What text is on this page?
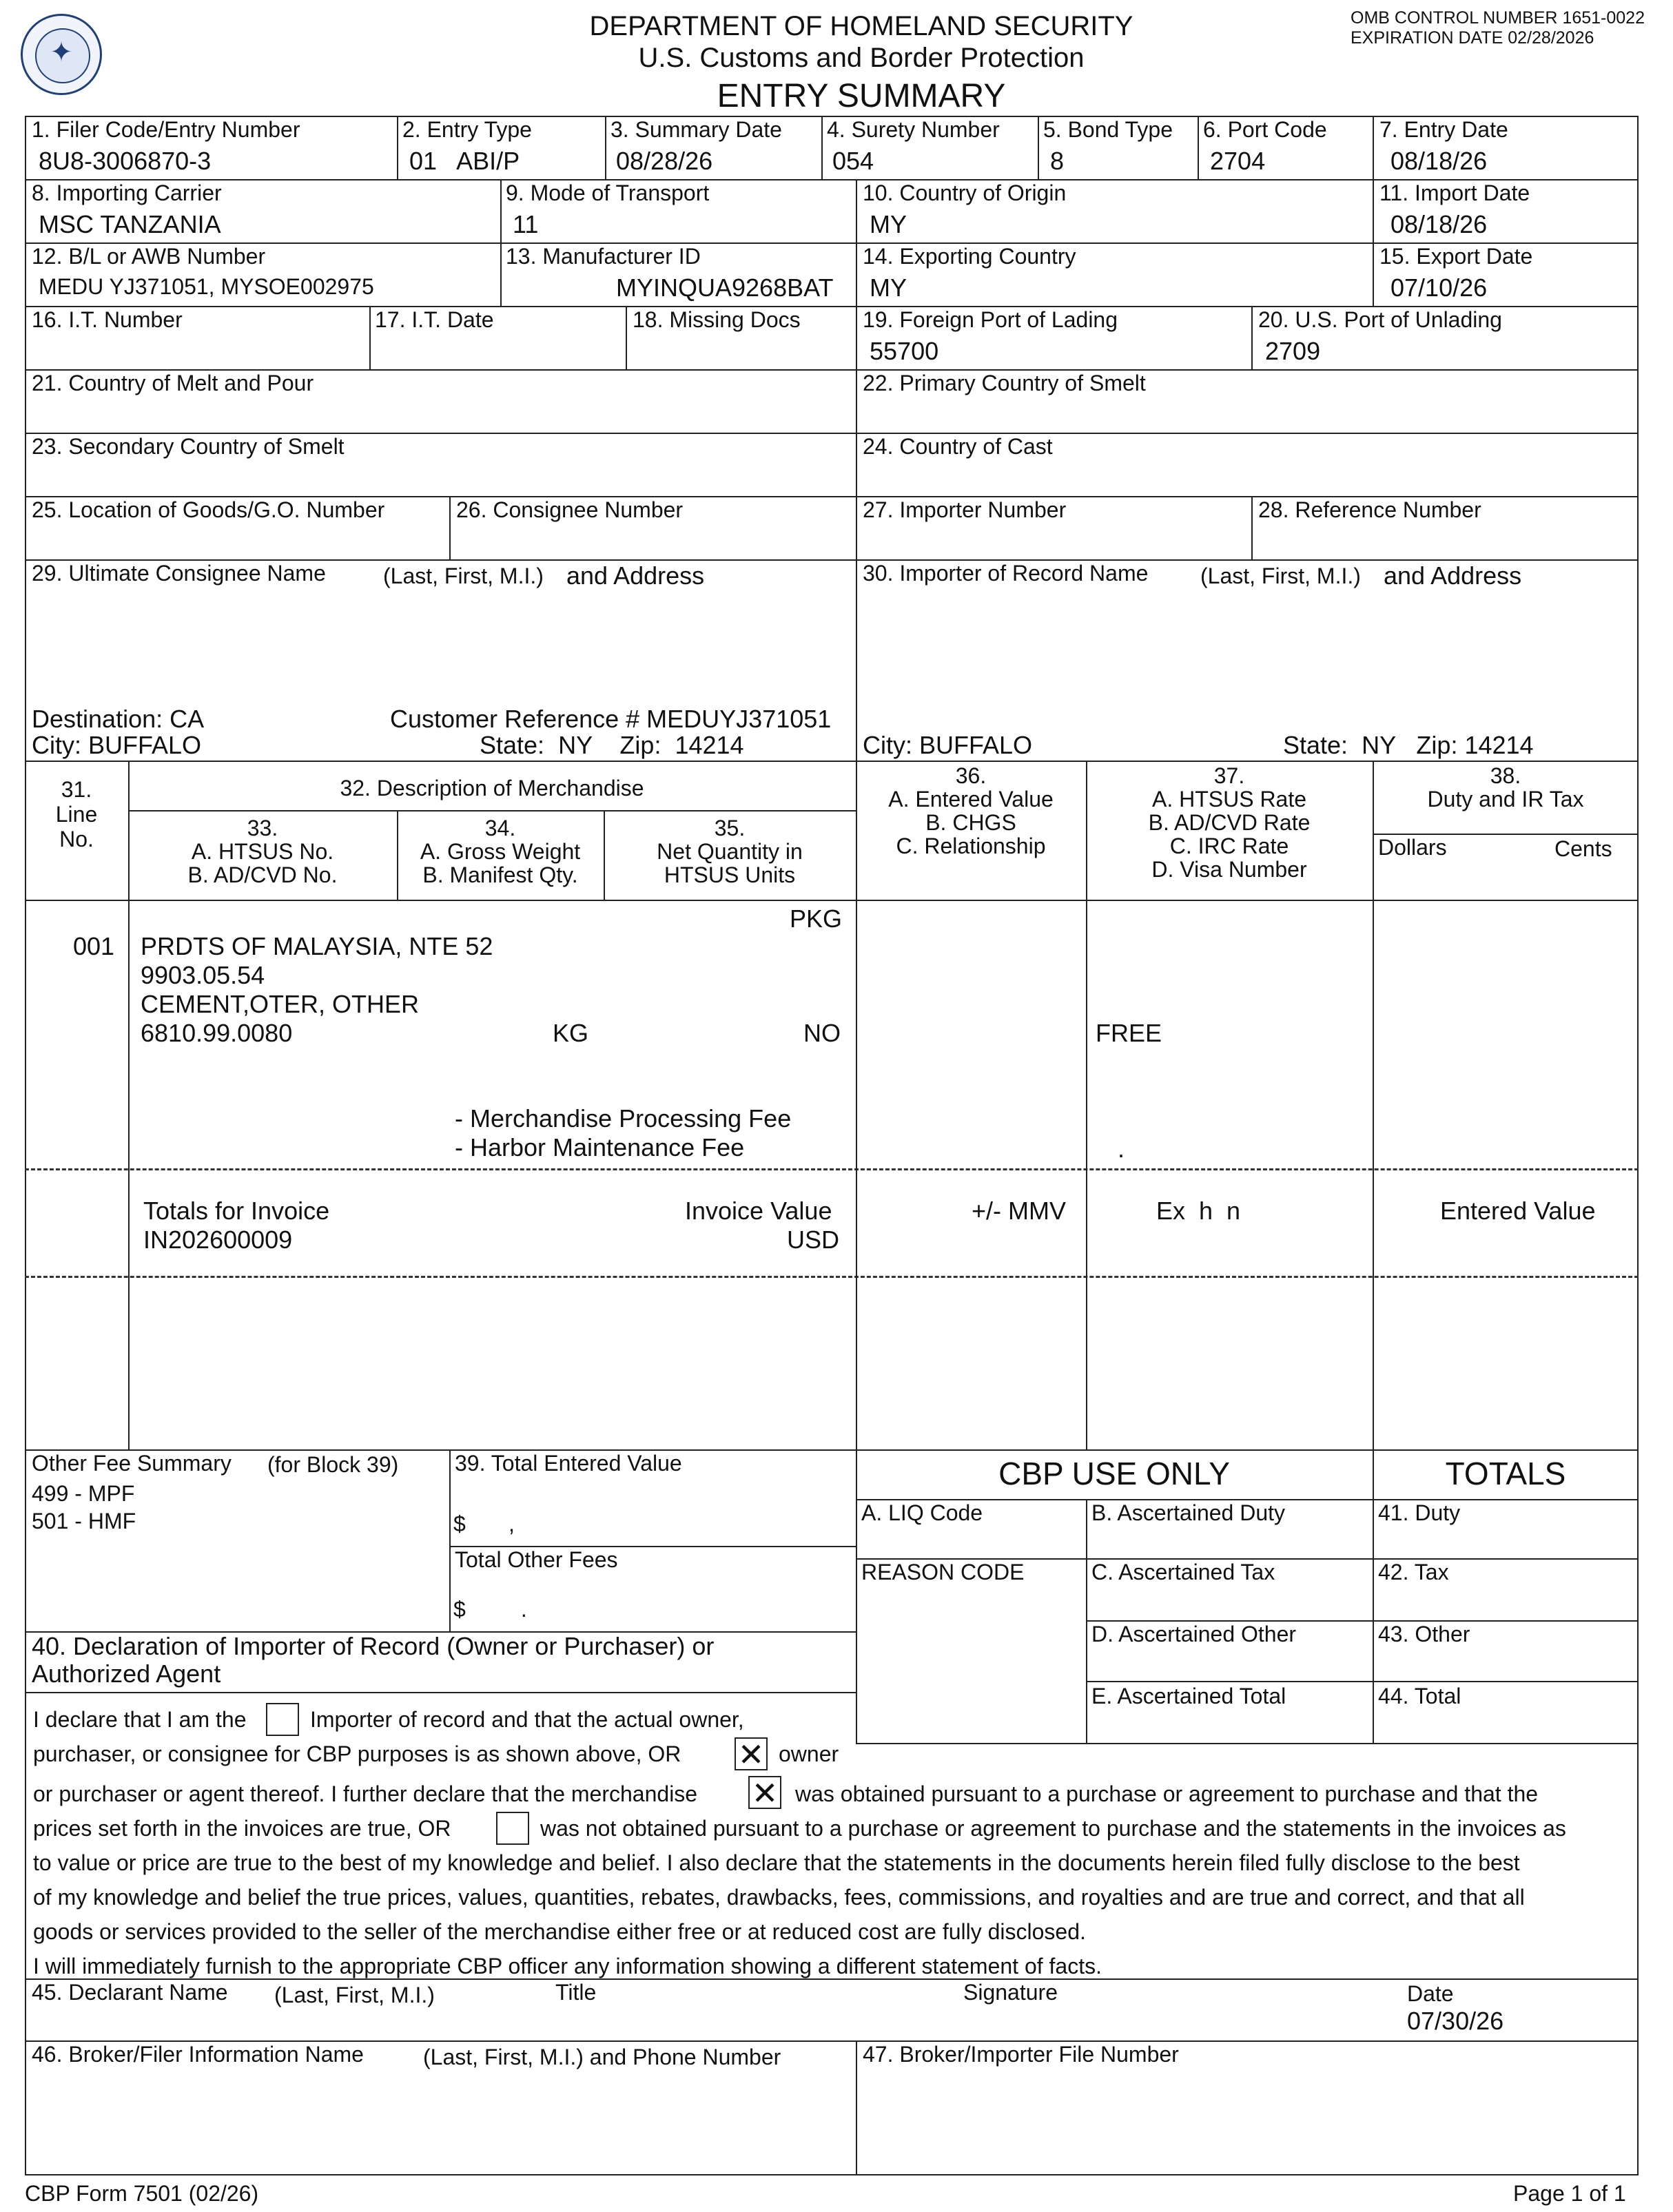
✦
DEPARTMENT OF HOMELAND SECURITY
U.S. Customs and Border Protection
ENTRY SUMMARY
OMB CONTROL NUMBER 1651-0022
EXPIRATION DATE 02/28/2026
1. Filer Code/Entry Number
8U8-3006870-3
2. Entry Type
01   ABI/P
3. Summary Date
08/28/26
4. Surety Number
054
5. Bond Type
8
6. Port Code
2704
7. Entry Date
08/18/26
8. Importing Carrier
MSC TANZANIA
9. Mode of Transport
11
10. Country of Origin
MY
11. Import Date
08/18/26
12. B/L or AWB Number
MEDU YJ371051, MYSOE002975
13. Manufacturer ID
MYINQUA9268BAT
14. Exporting Country
MY
15. Export Date
07/10/26
16. I.T. Number	17. I.T. Date	18. Missing Docs	19. Foreign Port of Lading
55700
20. U.S. Port of Unlading
2709
21. Country of Melt and Pour	22. Primary Country of Smelt
23. Secondary Country of Smelt	24. Country of Cast
25. Location of Goods/G.O. Number	26. Consignee Number	27. Importer Number	28. Reference Number
29. Ultimate Consignee Name	(Last, First, M.I.) and Address
Destination: CA	Customer Reference # MEDUYJ371051
City: BUFFALO	State:  NY    Zip:  14214
30. Importer of Record Name (Last, First, M.I.) and Address
City: BUFFALO	State:  NY   Zip: 14214
31.
Line
No.
32. Description of Merchandise
33.
A. HTSUS No.
B. AD/CVD No.
34.
A. Gross Weight
B. Manifest Qty.
35.
Net Quantity in
HTSUS Units
36.
A. Entered Value
B. CHGS
C. Relationship
37.
A. HTSUS Rate
B. AD/CVD Rate
C. IRC Rate
D. Visa Number
38.
Duty and IR Tax
Dollars	Cents
PKG
001 PRDTS OF MALAYSIA, NTE 52
9903.05.54
CEMENT,OTER, OTHER
6810.99.0080	KG	NO	FREE
- Merchandise Processing Fee
- Harbor Maintenance Fee	.
Totals for Invoice
IN202600009
Invoice Value
USD
+/- MMV	Ex  h  n	Entered Value
Other Fee Summary (for Block 39)
499 - MPF
501 - HMF
39. Total Entered Value
$       ,
Total Other Fees
$         .
CBP USE ONLY	TOTALS
A. LIQ Code	B. Ascertained Duty	41. Duty
REASON CODE	C. Ascertained Tax	42. Tax
D. Ascertained Other	43. Other
E. Ascertained Total	44. Total
40. Declaration of Importer of Record (Owner or Purchaser) or
Authorized Agent
I declare that I am the	Importer of record and that the actual owner,
purchaser, or consignee for CBP purposes is as shown above, OR ✕ owner
or purchaser or agent thereof. I further declare that the merchandise ✕ was obtained pursuant to a purchase or agreement to purchase and that the
prices set forth in the invoices are true, OR	was not obtained pursuant to a purchase or agreement to purchase and the statements in the invoices as
to value or price are true to the best of my knowledge and belief. I also declare that the statements in the documents herein filed fully disclose to the best
of my knowledge and belief the true prices, values, quantities, rebates, drawbacks, fees, commissions, and royalties and are true and correct, and that all
goods or services provided to the seller of the merchandise either free or at reduced cost are fully disclosed.
I will immediately furnish to the appropriate CBP officer any information showing a different statement of facts.
45. Declarant Name (Last, First, M.I.)	Title	Signature	Date
07/30/26
46. Broker/Filer Information Name	(Last, First, M.I.) and Phone Number	47. Broker/Importer File Number
CBP Form 7501 (02/26)	Page 1 of 1
